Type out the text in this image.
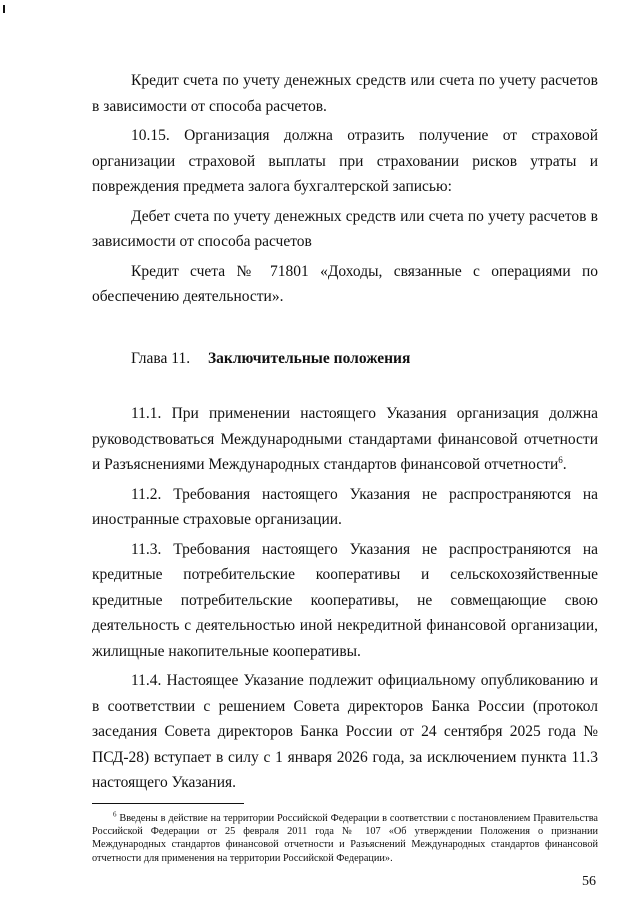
Кредит счета по учету денежных средств или счета по учету расчетов в зависимости от способа расчетов.

10.15. Организация должна отразить получение от страховой организации страховой выплаты при страховании рисков утраты и повреждения предмета залога бухгалтерской записью:

Дебет счета по учету денежных средств или счета по учету расчетов в зависимости от способа расчетов

Кредит счета № 71801 «Доходы, связанные с операциями по обеспечению деятельности».

Глава 11. Заключительные положения

11.1. При применении настоящего Указания организация должна руководствоваться Международными стандартами финансовой отчетности и Разъяснениями Международных стандартов финансовой отчетности$^6$.

11.2. Требования настоящего Указания не распространяются на иностранные страховые организации.

11.3. Требования настоящего Указания не распространяются на кредитные потребительские кооперативы и сельскохозяйственные кредитные потребительские кооперативы, не совмещающие свою деятельность с деятельностью иной некредитной финансовой организации, жилищные накопительные кооперативы.

11.4. Настоящее Указание подлежит официальному опубликованию и в соответствии с решением Совета директоров Банка России (протокол заседания Совета директоров Банка России от 24 сентября 2025 года № ПСД-28) вступает в силу с 1 января 2026 года, за исключением пункта 11.3 настоящего Указания.

$^6$ Введены в действие на территории Российской Федерации в соответствии с постановлением Правительства Российской Федерации от 25 февраля 2011 года № 107 «Об утверждении Положения о признании Международных стандартов финансовой отчетности и Разъяснений Международных стандартов финансовой отчетности для применения на территории Российской Федерации».

56
